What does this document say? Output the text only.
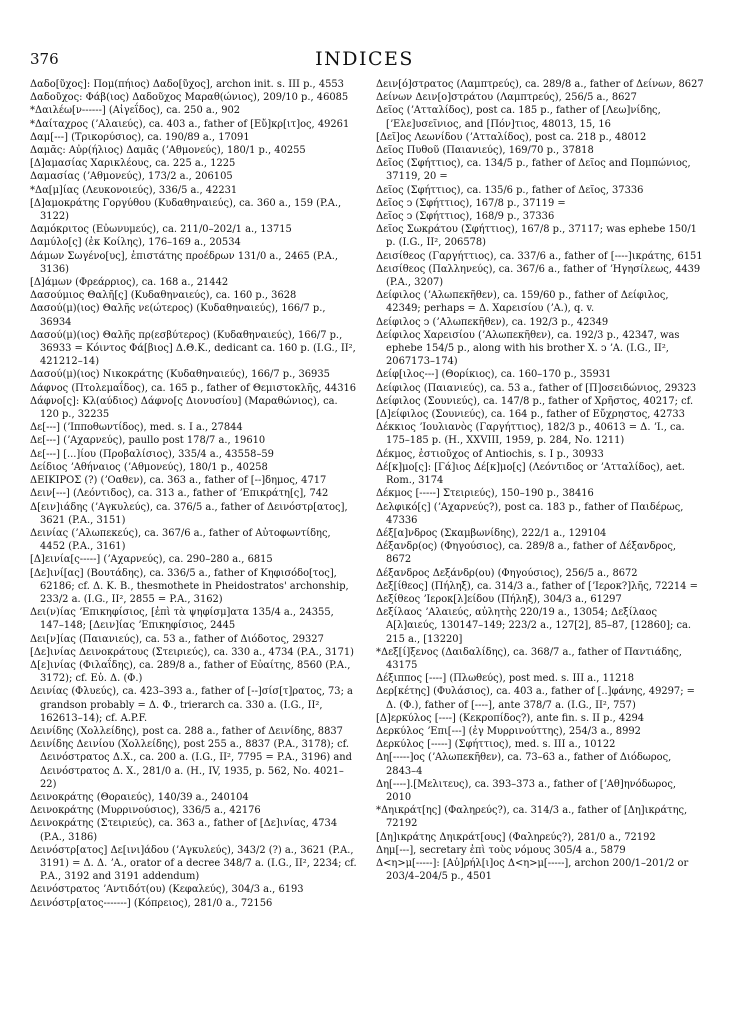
376	INDICES

Δαδο[ῦχος]: Πομ(πήιος) Δαδο[ῦχος], archon init. s. III p., 4553

Δαδοῦχος: Φάβ(ιος) Δαδοῦχος Μαραθ(ώνιος), 209/10 p., 46085

*Δαιλέω[ν------] (Αἰγεΐδος), ca. 250 a., 902

*Δαίταχρος (ʼΑλαιεύς), ca. 403 a., father of [Εὔ]κρ[ιτ]ος, 49261

Δαμ[---] (Τρικορύσιος), ca. 190/89 a., 17091

Δαμᾶς: Αὐρ(ήλιος) Δαμᾶς (ʼΑθμονεύς), 180/1 p., 40255

[Δ]αμασίας Χαρικλέους, ca. 225 a., 1225

Δαμασίας (ʼΑθμονεύς), 173/2 a., 206105

*Δα[μ]ίας (Λευκονοιεύς), 336/5 a., 42231

[Δ]αμοκράτης Γοργύθου (Κυδαθηναιεύς), ca. 360 a., 159 (P.A., 3122)

Δαμόκριτος (Εὐωνυμεύς), ca. 211/0–202/1 a., 13715

Δαμύλο[ς] (ἐκ Κοίλης), 176–169 a., 20534

Δάμων Σωγένο[υς], ἐπιστάτης προέδρων 131/0 a., 2465 (P.A., 3136)

[Δ]άμων (Φρεάρριος), ca. 168 a., 21442

Δασούμιος Θαλῆ[ς] (Κυδαθηναιεύς), ca. 160 p., 3628

Δασού(μ)(ιος) Θαλῆς νε(ώτερος) (Κυδαθηναιεύς), 166/7 p., 36934

Δασού(μ)(ιος) Θαλῆς πρ(εσβύτερος) (Κυδαθηναιεύς), 166/7 p., 36933 = Κόιντος Φά[βιος] Δ.Θ.Κ., dedicant ca. 160 p. (I.G., II², 421212–14)

Δασού(μ)(ιος) Νικοκράτης (Κυδαθηναιεύς), 166/7 p., 36935

Δάφνος (Πτολεμαΐδος), ca. 165 p., father of Θεμιστοκλῆς, 44316

Δάφνο[ς]: Κλ(αύδιος) Δάφνο[ς Διονυσίου] (Μαραθώνιος), ca. 120 p., 32235

Δε[---] (ʼΙπποθωντίδος), med. s. I a., 27844

Δε[---] (ʼΑχαρνεύς), paullo post 178/7 a., 19610

Δε[---] [...]ίου (Προβαλίσιος), 335/4 a., 43558–59

Δείδιος ʼΑθήναιος (ʼΑθμονεύς), 180/1 p., 40258

ΔΕΙΚΙΡΟΣ (?) (ʼΟαθεν), ca. 363 a., father of [--]δημος, 4717

Δειν[---] (Λεόντιδος), ca. 313 a., father of ʼΕπικράτη[ς], 742

Δ[ειν]ιάδης (ʼΑγκυλεύς), ca. 376/5 a., father of Δεινόστρ[ατος], 3621 (P.A., 3151)

Δεινίας (ʼΑλωπεκεύς), ca. 367/6 a., father of Αὐτοφωντίδης, 4452 (P.A., 3161)

[Δ]εινία[ς-----] (ʼΑχαρνεύς), ca. 290–280 a., 6815

[Δε]ινί[ας] (Βουτάδης), ca. 336/5 a., father of Κηφισόδο[τος], 62186; cf. Δ. Κ. Β., thesmothete in Pheidostratos' archonship, 233/2 a. (I.G., II², 2855 = P.A., 3162)

Δει(ν)ίας ʼΕπικηφίσιος, [ἐπὶ τὰ ψηφίσμ]ατα 135/4 a., 24355, 147–148; [Δειν]ίας ʼΕπικηφίσιος, 2445

Δει[ν]ίας (Παιανιεύς), ca. 53 a., father of Διόδοτος, 29327

[Δε]ινίας Δεινοκράτους (Στειριεύς), ca. 330 a., 4734 (P.A., 3171)

Δ[ε]ινίας (Φιλαΐδης), ca. 289/8 a., father of Εὐαίτης, 8560 (P.A., 3172); cf. Εὐ. Δ. (Φ.)

Δεινίας (Φλυεύς), ca. 423–393 a., father of [--]σίσ[τ]ρατος, 73; a grandson probably = Δ. Φ., trierarch ca. 330 a. (I.G., II², 162613–14); cf. A.P.F.

Δεινίδης (Χολλείδης), post ca. 288 a., father of Δεινίδης, 8837

Δεινίδης Δεινίου (Χολλείδης), post 255 a., 8837 (P.A., 3178); cf. Δεινόστρατος Δ.Χ., ca. 200 a. (I.G., II², 7795 = P.A., 3196) and Δεινόστρατος Δ. Χ., 281/0 a. (H., IV, 1935, p. 562, No. 4021–22)

Δεινοκράτης (Θοραιεύς), 140/39 a., 240104

Δεινοκράτης (Μυρρινούσιος), 336/5 a., 42176

Δεινοκράτης (Στειριεύς), ca. 363 a., father of [Δε]ινίας, 4734 (P.A., 3186)

Δεινόστρ[ατος] Δε[ινι]άδου (ʼΑγκυλεύς), 343/2 (?) a., 3621 (P.A., 3191) = Δ. Δ. ʼΑ., orator of a decree 348/7 a. (I.G., II², 2234; cf. P.A., 3192 and 3191 addendum)

Δεινόστρατος ʼΑντιδότ(ου) (Κεφαλεύς), 304/3 a., 6193

Δεινόστρ[ατος-------] (Κόπρειος), 281/0 a., 72156

Δειν[ό]στρατος (Λαμπτρεύς), ca. 289/8 a., father of Δείνων, 8627

Δείνων Δειν[ο]στράτου (Λαμπτρεύς), 256/5 a., 8627

Δεῖος (ʼΑτταλίδος), post ca. 185 p., father of [Λεω]νίδης, [ʼΕλε]υσεῖνιος, and [Πόν]τιος, 48013, 15, 16

[Δεῖ]ος Λεωνίδου (ʼΑτταλίδος), post ca. 218 p., 48012

Δεῖος Πυθοῦ (Παιανιεύς), 169/70 p., 37818

Δεῖος (Σφήττιος), ca. 134/5 p., father of Δεῖος and Πομπώνιος, 37119, 20 =

Δεῖος (Σφήττιος), ca. 135/6 p., father of Δεῖος, 37336

Δεῖος ͻ (Σφήττιος), 167/8 p., 37119 =

Δεῖος ͻ (Σφήττιος), 168/9 p., 37336

Δεῖος Σωκράτου (Σφήττιος), 167/8 p., 37117; was ephebe 150/1 p. (I.G., II², 206578)

Δεισίθεος (Γαργήττιος), ca. 337/6 a., father of [----]ικράτης, 6151

Δεισίθεος (Παλληνεύς), ca. 367/6 a., father of ʼΗγησίλεως, 4439 (P.A., 3207)

Δείφιλος (ʼΑλωπεκῆθεν), ca. 159/60 p., father of Δείφιλος, 42349; perhaps = Δ. Χαρεισίου (ʼΑ.), q. v.

Δείφιλος ͻ (ʼΑλωπεκῆθεν), ca. 192/3 p., 42349

Δείφιλος Χαρεισίου (ʼΑλωπεκῆθεν), ca. 192/3 p., 42347, was ephebe 154/5 p., along with his brother Χ. ͻ ʼΑ. (I.G., II², 2067173–174)

Δείφ[ιλος---] (Θορίκιος), ca. 160–170 p., 35931

Δείφιλος (Παιανιεύς), ca. 53 a., father of [Π]οσειδώνιος, 29323

Δείφιλος (Σουνιεύς), ca. 147/8 p., father of Χρῆστος, 40217; cf.

[Δ]είφιλος (Σουνιεύς), ca. 164 p., father of Εὔχρηστος, 42733

Δέκκιος ʼΙουλιανὸς (Γαργήττιος), 182/3 p., 40613 = Δ. ʼΙ., ca. 175–185 p. (H., XXVIII, 1959, p. 284, No. 1211)

Δέκμος, ἐστιοῦχος of Antiochis, s. I p., 30933

Δέ[κ]μο[ς]: [Γά]ιος Δέ[κ]μο[ς] (Λεόντιδος or ʼΑτταλίδος), aet. Rom., 3174

Δέκμος [-----] Στειριεύς), 150–190 p., 38416

Δελφικό[ς] (ʼΑχαρνεύς?), post ca. 183 p., father of Παιδέρως, 47336

Δέξ[α]νδρος (Σκαμβωνίδης), 222/1 a., 129104

Δέξανδρ(ος) (Φηγούσιος), ca. 289/8 a., father of Δέξανδρος, 8672

Δέξανδρος Δεξάνδρ(ου) (Φηγούσιος), 256/5 a., 8672

Δεξ[ίθεος] (Πήληξ), ca. 314/3 a., father of [ʼΙεροκ?]λῆς, 72214 =

Δεξίθεος ʼΙεροκ[λ]είδου (Πήληξ), 304/3 a., 61297

Δεξίλαος ʼΑλαιεύς, αὐλητὴς 220/19 a., 13054; Δεξίλαος Α[λ]αιεύς, 130147–149; 223/2 a., 127[2], 85–87, [12860]; ca. 215 a., [13220]

*Δεξ[ί]ξενος (Δαιδαλίδης), ca. 368/7 a., father of Παντιάδης, 43175

Δέξιππος [----] (Πλωθεύς), post med. s. III a., 11218

Δερ[κέτης] (Φυλάσιος), ca. 403 a., father of [..]φάνης, 49297; = Δ. (Φ.), father of [----], ante 378/7 a. (I.G., II², 757)

[Δ]ερκύλος [----] (Κεκροπίδος?), ante fin. s. II p., 4294

Δερκύλος ʼΕπι[---] (ἐγ Μυρρινούττης), 254/3 a., 8992

Δερκύλος [-----] (Σφήττιος), med. s. III a., 10122

Δη[-----]ος (ʼΑλωπεκῆθεν), ca. 73–63 a., father of Διόδωρος, 2843–4

Δη[----].[Μελιτευς), ca. 393–373 a., father of [ʼΑθ]ηνόδωρος, 2010

*Δηικράτ[ης] (Φαληρεύς?), ca. 314/3 a., father of [Δη]ικράτης, 72192

[Δη]ικράτης Δηικράτ[ους] (Φαληρεύς?), 281/0 a., 72192

Δημ[---], secretary ἐπὶ τοὺς νόμους 305/4 a., 5879

Δ<η>μ[-----]: [Αὐ]ρήλ[ι]ος Δ<η>μ[-----], archon 200/1–201/2 or 203/4–204/5 p., 4501
